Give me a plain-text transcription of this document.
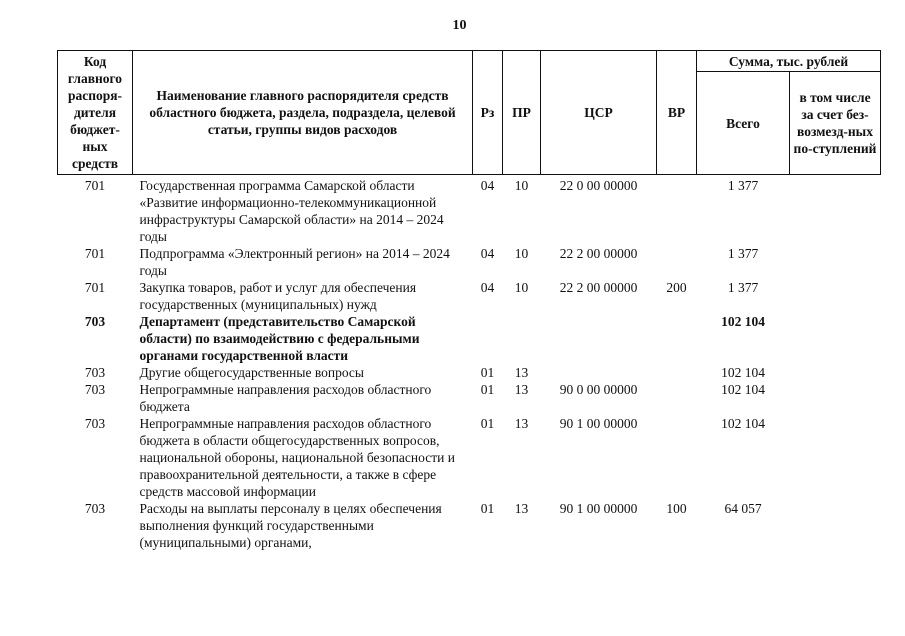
10
Код главного распоря-дителя бюджет-ных средств	Наименование главного распорядителя средств областного бюджета, раздела, подраздела, целевой статьи, группы видов расходов	Рз	ПР	ЦСР	ВР	Сумма, тыс. рублей	
						Всего	в том числе за счет без-возмезд-ных по-ступлений
701	Государственная программа Самарской области «Развитие информационно-телекоммуникационной инфраструктуры Самарской области» на 2014 – 2024 годы	04	10	22 0 00 00000		1 377	
701	Подпрограмма «Электронный регион» на 2014 – 2024 годы	04	10	22 2 00 00000		1 377	
701	Закупка товаров, работ и услуг для обеспечения государственных (муниципальных) нужд	04	10	22 2 00 00000	200	1 377	
703	Департамент (представительство Самарской области) по взаимодействию с федеральными органами государственной власти					102 104	
703	Другие общегосударственные вопросы	01	13			102 104	
703	Непрограммные направления расходов областного бюджета	01	13	90 0 00 00000		102 104	
703	Непрограммные направления расходов областного бюджета в области общегосударственных вопросов, национальной обороны, национальной безопасности и правоохранительной деятельности, а также в сфере средств массовой информации	01	13	90 1 00 00000		102 104	
703	Расходы на выплаты персоналу в целях обеспечения выполнения функций государственными (муниципальными) органами,	01	13	90 1 00 00000	100	64 057	
